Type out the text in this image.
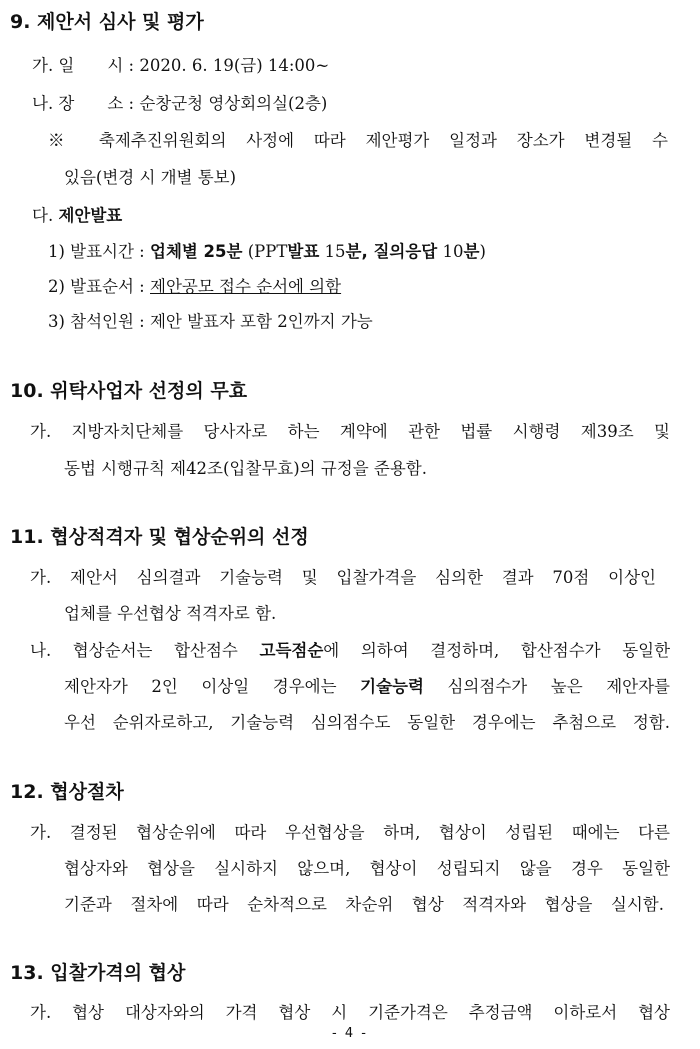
9. 제안서 심사 및 평가
가. 일　　시 : 2020. 6. 19(금) 14:00~
나. 장　　소 : 순창군청 영상회의실(2층)
※ 축제추진위원회의 사정에 따라 제안평가 일정과 장소가 변경될 수
있음(변경 시 개별 통보)
다. 제안발표
1) 발표시간 : 업체별 25분 (PPT발표 15분, 질의응답 10분)
2) 발표순서 : 제안공모 접수 순서에 의함
3) 참석인원 : 제안 발표자 포함 2인까지 가능
10. 위탁사업자 선정의 무효
가. 지방자치단체를 당사자로 하는 계약에 관한 법률 시행령 제39조 및
동법 시행규칙 제42조(입찰무효)의 규정을 준용함.
11. 협상적격자 및 협상순위의 선정
가. 제안서 심의결과 기술능력 및 입찰가격을 심의한 결과 70점 이상인
업체를 우선협상 적격자로 함.
나. 협상순서는 합산점수 고득점순에 의하여 결정하며, 합산점수가 동일한
제안자가 2인 이상일 경우에는 기술능력 심의점수가 높은 제안자를
우선 순위자로하고, 기술능력 심의점수도 동일한 경우에는 추첨으로 정함.
12. 협상절차
가. 결정된 협상순위에 따라 우선협상을 하며, 협상이 성립된 때에는 다른
협상자와 협상을 실시하지 않으며, 협상이 성립되지 않을 경우 동일한
기준과 절차에 따라 순차적으로 차순위 협상 적격자와 협상을 실시함.
13. 입찰가격의 협상
가. 협상 대상자와의 가격 협상 시 기준가격은 추정금액 이하로서 협상
- 4 -
